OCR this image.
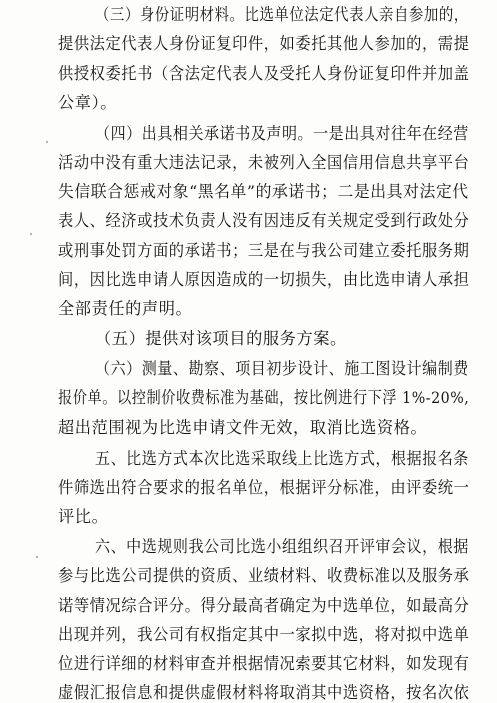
（三）身份证明材料。比选单位法定代表人亲自参加的，
提供法定代表人身份证复印件，如委托其他人参加的，需提
供授权委托书（含法定代表人及受托人身份证复印件并加盖
公章）。
（四）出具相关承诺书及声明。一是出具对往年在经营
活动中没有重大违法记录，未被列入全国信用信息共享平台
失信联合惩戒对象“黑名单”的承诺书；二是出具对法定代
表人、经济或技术负责人没有因违反有关规定受到行政处分
或刑事处罚方面的承诺书；三是在与我公司建立委托服务期
间，因比选申请人原因造成的一切损失，由比选申请人承担
全部责任的声明。
（五）提供对该项目的服务方案。
（六）测量、勘察、项目初步设计、施工图设计编制费
报价单。以控制价收费标准为基础，按比例进行下浮 1%-20%,
超出范围视为比选申请文件无效，取消比选资格。
五、比选方式本次比选采取线上比选方式，根据报名条
件筛选出符合要求的报名单位，根据评分标准，由评委统一
评比。
六、中选规则我公司比选小组组织召开评审会议，根据
参与比选公司提供的资质、业绩材料、收费标准以及服务承
诺等情况综合评分。得分最高者确定为中选单位，如最高分
出现并列，我公司有权指定其中一家拟中选，将对拟中选单
位进行详细的材料审查并根据情况索要其它材料，如发现有
虚假汇报信息和提供虚假材料将取消其中选资格，按名次依
